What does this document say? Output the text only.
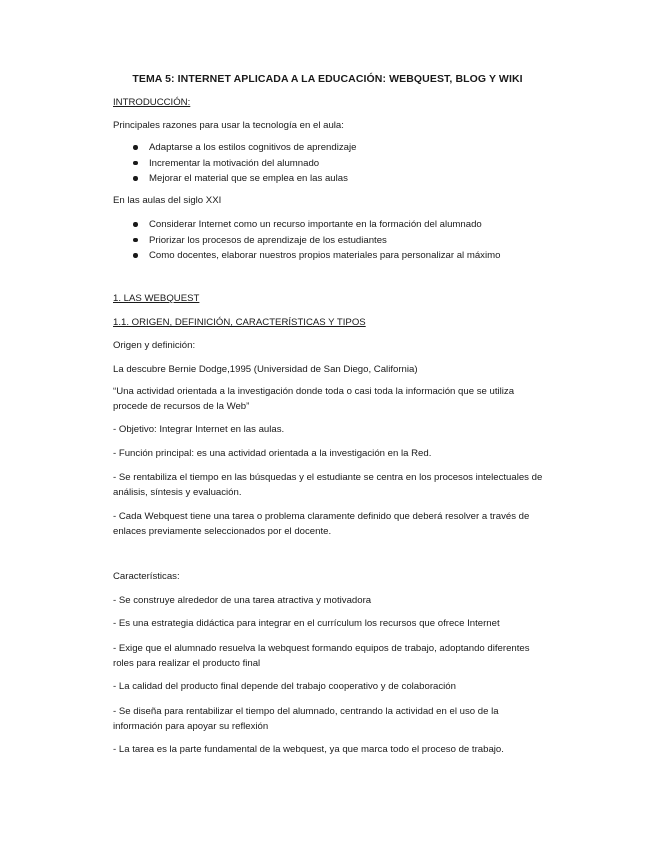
TEMA 5: INTERNET APLICADA A LA EDUCACIÓN: WEBQUEST, BLOG Y WIKI
INTRODUCCIÓN:
Principales razones para usar la tecnología en el aula:
Adaptarse a los estilos cognitivos de aprendizaje
Incrementar la motivación del alumnado
Mejorar el material que se emplea en las aulas
En las aulas del siglo XXI
Considerar Internet como un recurso importante en la formación del alumnado
Priorizar los procesos de aprendizaje de los estudiantes
Como docentes, elaborar nuestros propios materiales para personalizar al máximo
1. LAS WEBQUEST
1.1. ORIGEN, DEFINICIÓN, CARACTERÍSTICAS Y TIPOS
Origen y definición:
La descubre Bernie Dodge,1995 (Universidad de San Diego, California)
“Una actividad orientada a la investigación donde toda o casi toda la información que se utiliza procede de recursos de la Web”
- Objetivo: Integrar Internet en las aulas.
- Función principal: es una actividad orientada a la investigación en la Red.
- Se rentabiliza el tiempo en las búsquedas y el estudiante se centra en los procesos intelectuales de análisis, síntesis y evaluación.
- Cada Webquest tiene una tarea o problema claramente definido que deberá resolver a través de enlaces previamente seleccionados por el docente.
Características:
- Se construye alrededor de una tarea atractiva y motivadora
- Es una estrategia didáctica para integrar en el currículum los recursos que ofrece Internet
- Exige que el alumnado resuelva la webquest formando equipos de trabajo, adoptando diferentes roles para realizar el producto final
- La calidad del producto final depende del trabajo cooperativo y de colaboración
- Se diseña para rentabilizar el tiempo del alumnado, centrando la actividad en el uso de la información para apoyar su reflexión
- La tarea es la parte fundamental de la webquest, ya que marca todo el proceso de trabajo.
